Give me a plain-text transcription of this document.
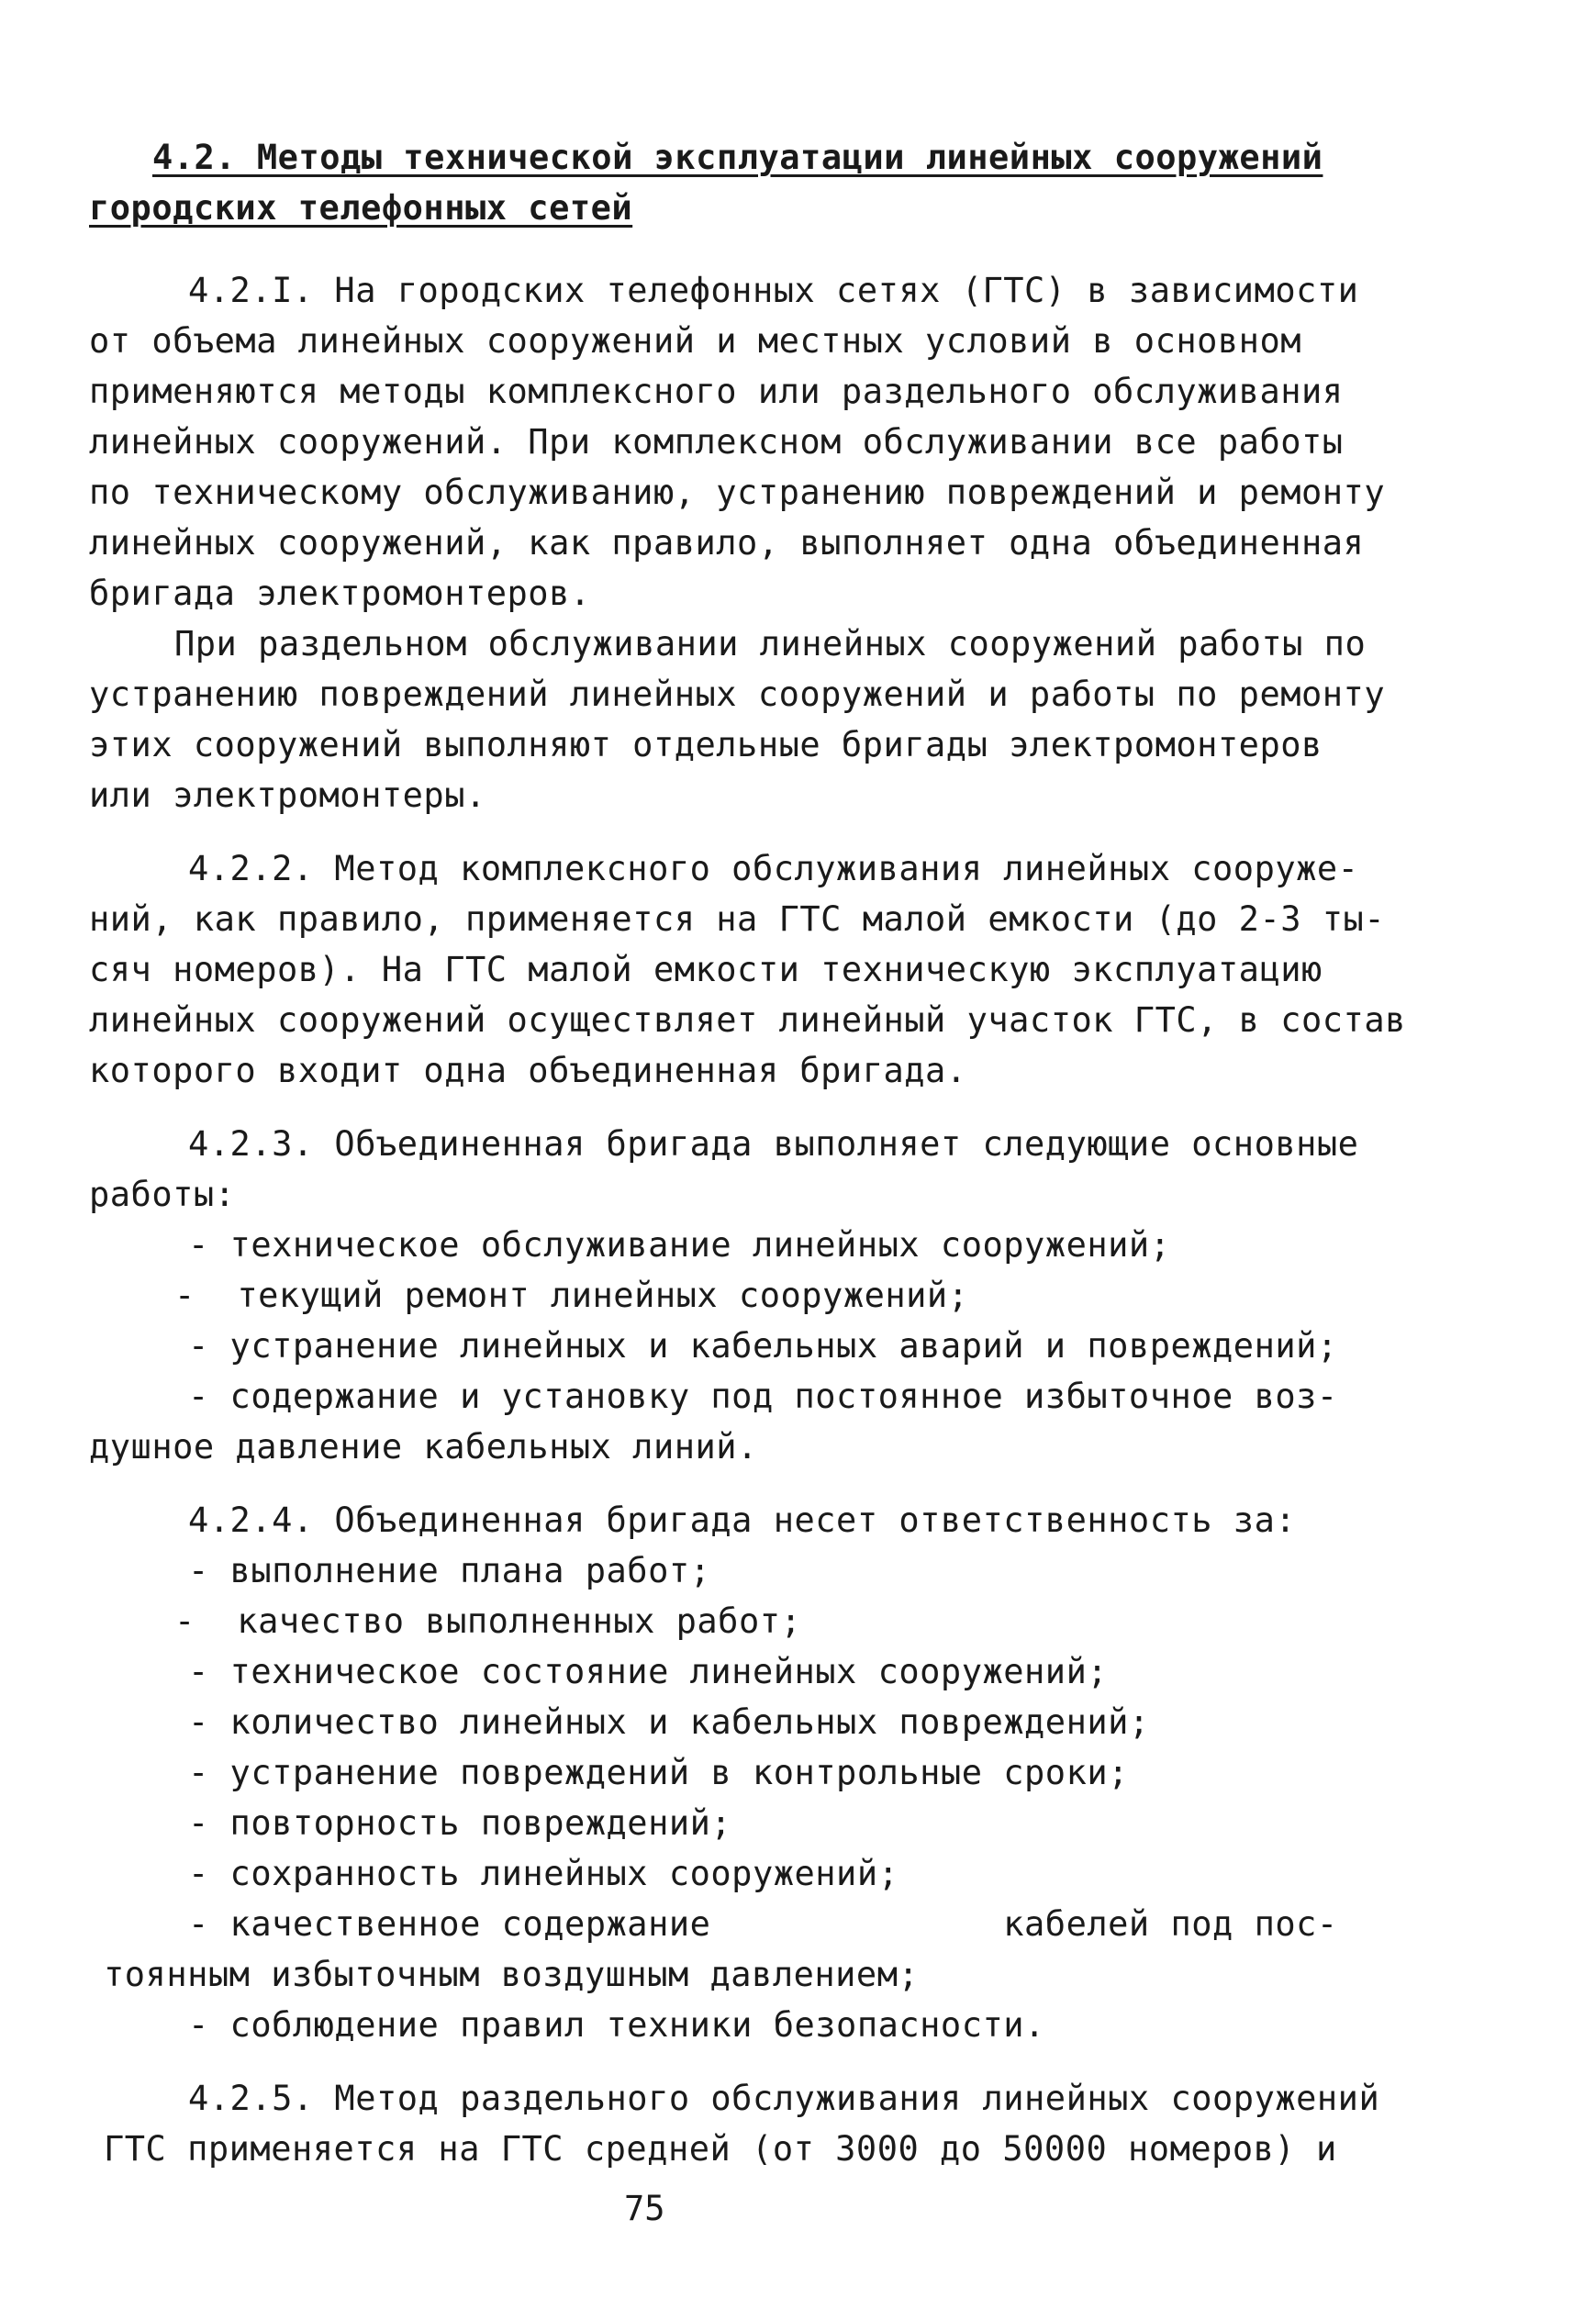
4.2. Методы технической эксплуатации линейных сооружений
городских телефонных сетей
4.2.I. На городских телефонных сетях (ГТС) в зависимости
от объема линейных сооружений и местных условий в основном
применяются методы комплексного или раздельного обслуживания
линейных сооружений. При комплексном обслуживании все работы
по техническому обслуживанию, устранению повреждений и ремонту
линейных сооружений, как правило, выполняет одна объединенная
бригада электромонтеров.
При раздельном обслуживании линейных сооружений работы по
устранению повреждений линейных сооружений и работы по ремонту
этих сооружений выполняют отдельные бригады электромонтеров
или электромонтеры.
4.2.2. Метод комплексного обслуживания линейных сооруже-
ний, как правило, применяется на ГТС малой емкости (до 2-3 ты-
сяч номеров). На ГТС малой емкости техническую эксплуатацию
линейных сооружений осуществляет линейный участок ГТС, в состав
которого входит одна объединенная бригада.
4.2.3. Объединенная бригада выполняет следующие основные
работы:
- техническое обслуживание линейных сооружений;
-  текущий ремонт линейных сооружений;
- устранение линейных и кабельных аварий и повреждений;
- содержание и установку под постоянное избыточное воз-
душное давление кабельных линий.
4.2.4. Объединенная бригада несет ответственность за:
- выполнение плана работ;
-  качество выполненных работ;
- техническое состояние линейных сооружений;
- количество линейных и кабельных повреждений;
- устранение повреждений в контрольные сроки;
- повторность повреждений;
- сохранность линейных сооружений;
- качественное содержание              кабелей под пос-
тоянным избыточным воздушным давлением;
- соблюдение правил техники безопасности.
4.2.5. Метод раздельного обслуживания линейных сооружений
ГТС применяется на ГТС средней (от 3000 до 50000 номеров) и
75
